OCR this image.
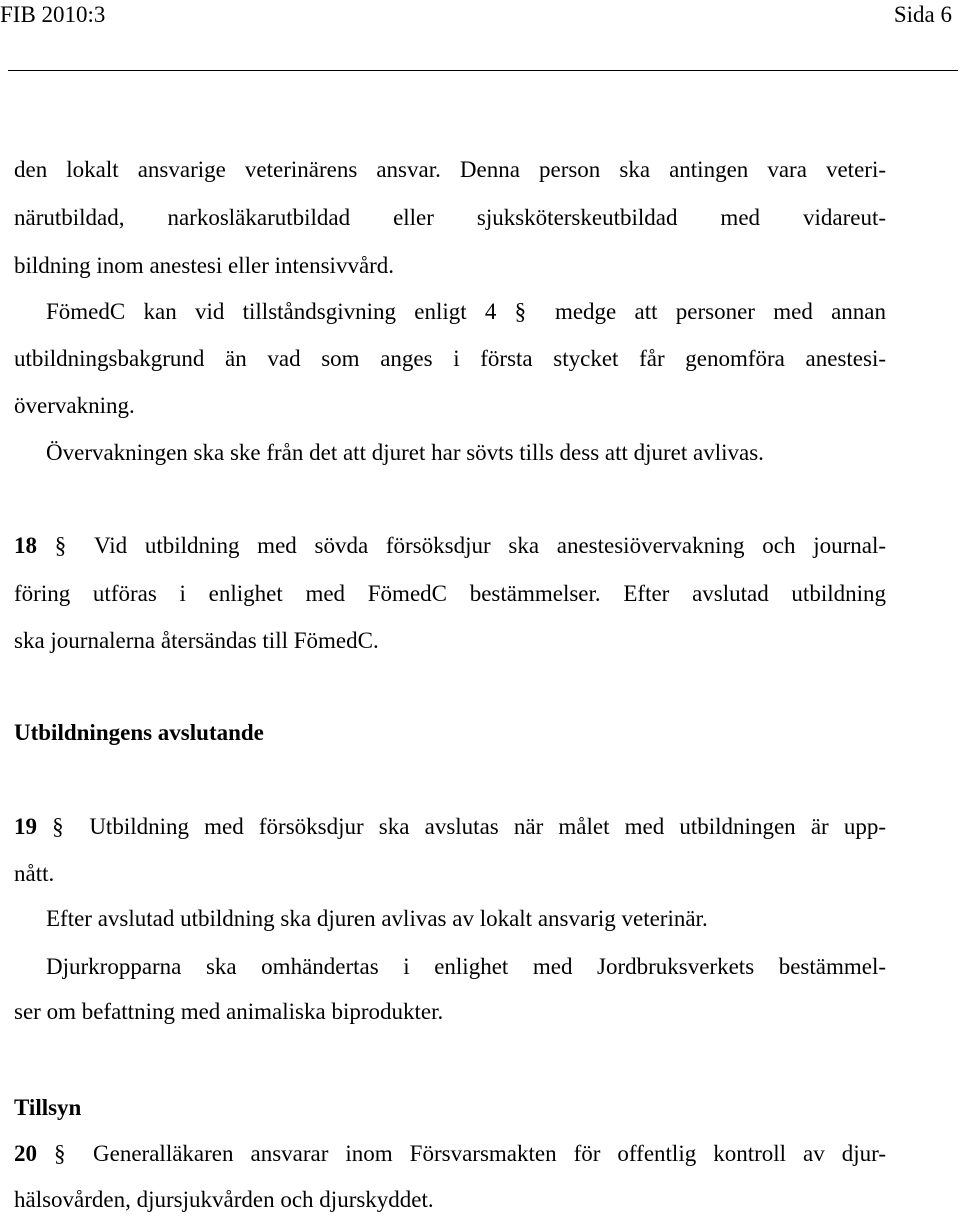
FIB 2010:3	Sida 6
den lokalt ansvarige veterinärens ansvar. Denna person ska antingen vara veteri-
närutbildad, narkosläkarutbildad eller sjuksköterskeutbildad med vidareut-
bildning inom anestesi eller intensivvård.
FömedC kan vid tillståndsgivning enligt 4 § medge att personer med annan
utbildningsbakgrund än vad som anges i första stycket får genomföra anestesi-
övervakning.
Övervakningen ska ske från det att djuret har sövts tills dess att djuret avlivas.
18 § Vid utbildning med sövda försöksdjur ska anestesiövervakning och journal-
föring utföras i enlighet med FömedC bestämmelser. Efter avslutad utbildning
ska journalerna återsändas till FömedC.
Utbildningens avslutande
19 § Utbildning med försöksdjur ska avslutas när målet med utbildningen är upp-
nått.
Efter avslutad utbildning ska djuren avlivas av lokalt ansvarig veterinär.
Djurkropparna ska omhändertas i enlighet med Jordbruksverkets bestämmel-
ser om befattning med animaliska biprodukter.
Tillsyn
20 § Generalläkaren ansvarar inom Försvarsmakten för offentlig kontroll av djur-
hälsovården, djursjukvården och djurskyddet.
